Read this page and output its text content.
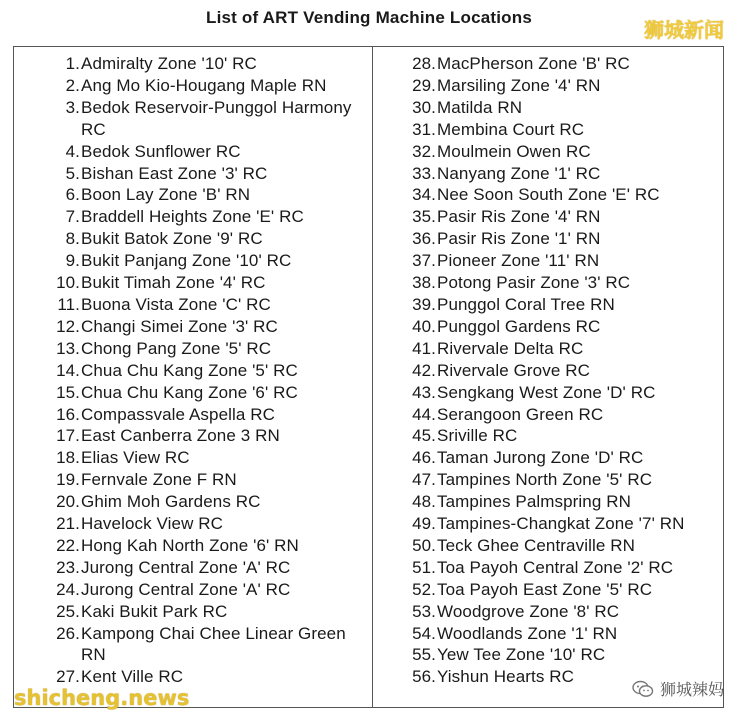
List of ART Vending Machine Locations
狮城新闻
1. Admiralty Zone '10' RC
2. Ang Mo Kio-Hougang Maple RN
3. Bedok Reservoir-Punggol Harmony RC
4. Bedok Sunflower RC
5. Bishan East Zone '3' RC
6. Boon Lay Zone 'B' RN
7. Braddell Heights Zone 'E' RC
8. Bukit Batok Zone '9' RC
9. Bukit Panjang Zone '10' RC
10. Bukit Timah Zone '4' RC
11. Buona Vista Zone 'C' RC
12. Changi Simei Zone '3' RC
13. Chong Pang Zone '5' RC
14. Chua Chu Kang Zone '5' RC
15. Chua Chu Kang Zone '6' RC
16. Compassvale Aspella RC
17. East Canberra Zone 3 RN
18. Elias View RC
19. Fernvale Zone F RN
20. Ghim Moh Gardens RC
21. Havelock View RC
22. Hong Kah North Zone '6' RN
23. Jurong Central Zone 'A' RC
24. Jurong Central Zone 'A' RC
25. Kaki Bukit Park RC
26. Kampong Chai Chee Linear Green RN
27. Kent Ville RC
28. MacPherson Zone 'B' RC
29. Marsiling Zone '4' RN
30. Matilda RN
31. Membina Court RC
32. Moulmein Owen RC
33. Nanyang Zone '1' RC
34. Nee Soon South Zone 'E' RC
35. Pasir Ris Zone '4' RN
36. Pasir Ris Zone '1' RN
37. Pioneer Zone '11' RN
38. Potong Pasir Zone '3' RC
39. Punggol Coral Tree RN
40. Punggol Gardens RC
41. Rivervale Delta RC
42. Rivervale Grove RC
43. Sengkang West Zone 'D' RC
44. Serangoon Green RC
45. Sriville RC
46. Taman Jurong Zone 'D' RC
47. Tampines North Zone '5' RC
48. Tampines Palmspring RN
49. Tampines-Changkat Zone '7' RN
50. Teck Ghee Centraville RN
51. Toa Payoh Central Zone '2' RC
52. Toa Payoh East Zone '5' RC
53. Woodgrove Zone '8' RC
54. Woodlands Zone '1' RN
55. Yew Tee Zone '10' RC
56. Yishun Hearts RC
shicheng.news	狮城辣妈
